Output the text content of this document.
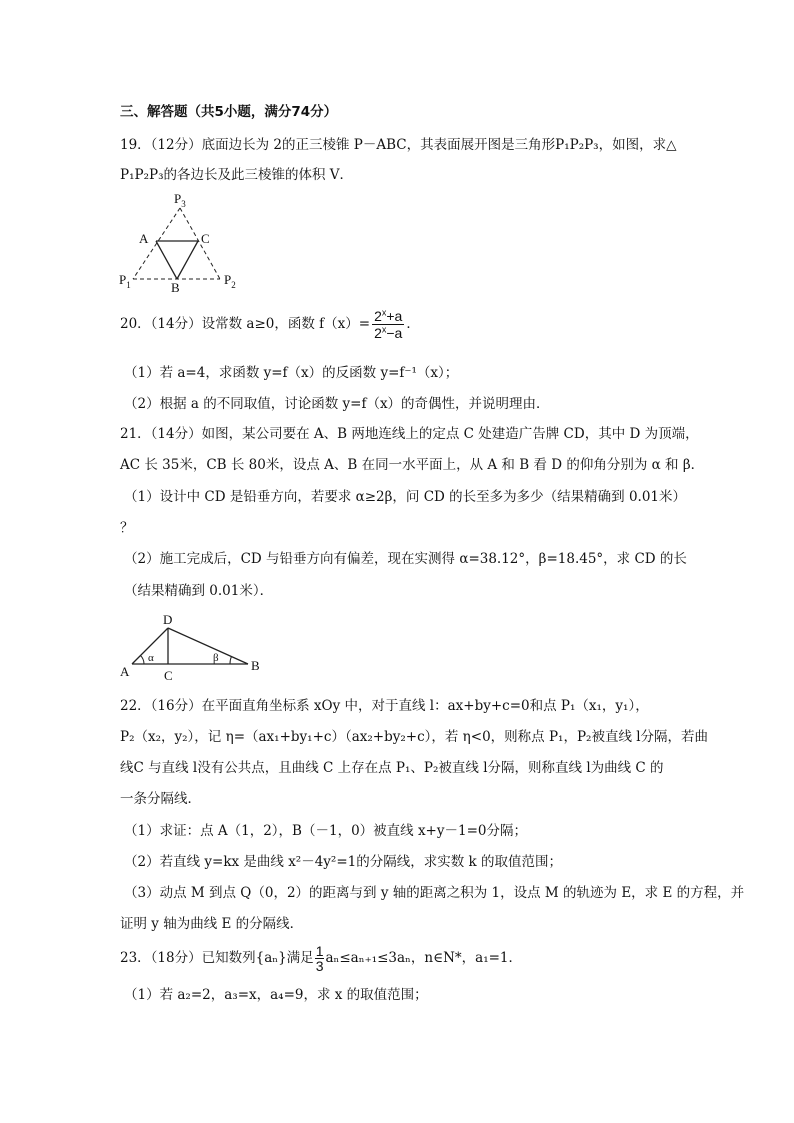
三、解答题（共5小题，满分74分）
19．（12分）底面边长为 2的正三棱锥 P－ABC，其表面展开图是三角形P₁P₂P₃，如图，求△
P₁P₂P₃的各边长及此三棱锥的体积 V．
$P_3$
A	C
$P_1$	B
$P_2$
20．（14分）设常数 a≥0，函数 $f(x)= \frac{2^x+a}{2^x-a}$ ．
（1）若 a=4，求函数 y=f（x）的反函数 y=f⁻¹（x）；
（2）根据 a 的不同取值，讨论函数 y=f（x）的奇偶性，并说明理由．
21．（14分）如图，某公司要在 A、B 两地连线上的定点 C 处建造广告牌 CD，其中 D 为顶端，
AC 长 35米，CB 长 80米，设点 A、B 在同一水平面上，从 A 和 B 看 D 的仰角分别为 α 和 β．
（1）设计中 CD 是铅垂方向，若要求 α≥2β，问 CD 的长至多为多少（结果精确到 0.01米）
？
（2）施工完成后，CD 与铅垂方向有偏差，现在实测得 α=38.12°，β=18.45°，求 CD 的长
（结果精确到 0.01米）．
D
A	C
B
α	β
22．（16分）在平面直角坐标系 xOy 中，对于直线 l：ax+by+c=0和点 P₁（x₁，y₁），
P₂（x₂，y₂），记 η=（ax₁+by₁+c）（ax₂+by₂+c），若 η<0，则称点 P₁，P₂被直线 l分隔，若曲
线C 与直线 l没有公共点，且曲线 C 上存在点 P₁、P₂被直线 l分隔，则称直线 l为曲线 C 的
一条分隔线．
（1）求证：点 A（1，2），B（－1，0）被直线 x+y－1=0分隔；
（2）若直线 y=kx 是曲线 x²－4y²=1的分隔线，求实数 k 的取值范围；
（3）动点 M 到点 Q（0，2）的距离与到 y 轴的距离之积为 1，设点 M 的轨迹为 E，求 E 的方程，并
证明 y 轴为曲线 E 的分隔线．
23．（18分）已知数列{aₙ}满足 $\frac{1}{3} a_n\le a_{n+1}\le 3a_n$，n∈N*，a₁=1．
（1）若 a₂=2，a₃=x，a₄=9，求 x 的取值范围；
